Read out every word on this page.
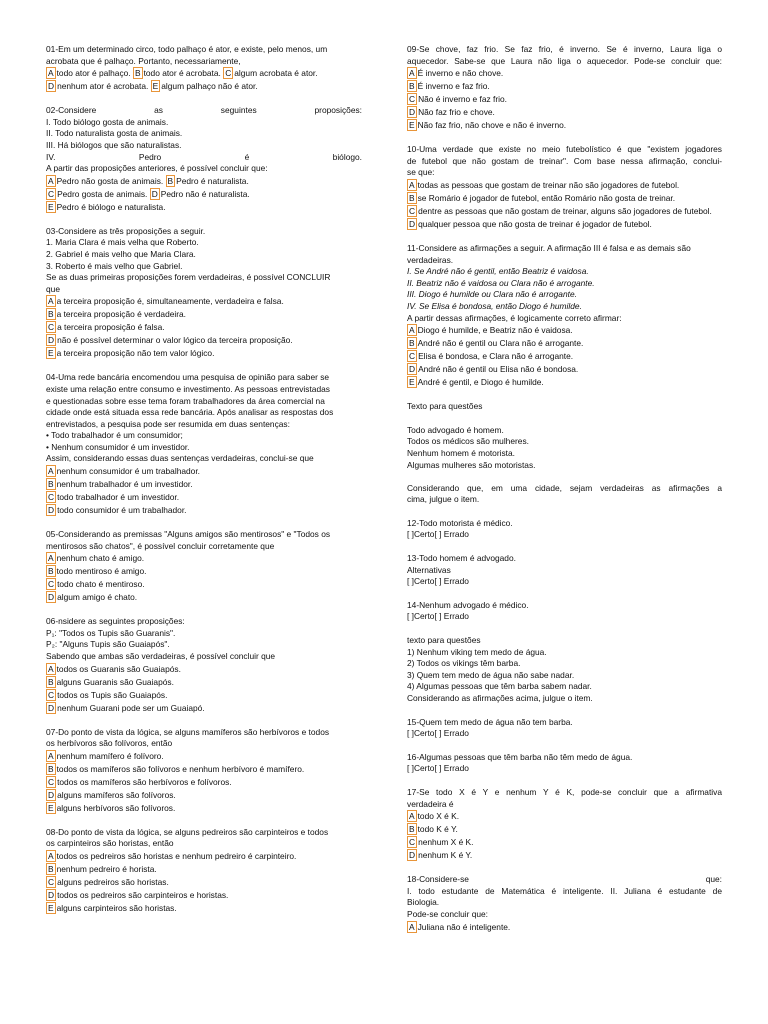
01-Em um determinado circo, todo palhaço é ator, e existe, pelo menos, um
acrobata que é palhaço. Portanto, necessariamente,
A todo ator é palhaço. B todo ator é acrobata. C algum acrobata é ator.
D nenhum ator é acrobata. E algum palhaço não é ator.
02-Considere as seguintes proposições:
I. Todo biólogo gosta de animais.
II. Todo naturalista gosta de animais.
III. Há biólogos que são naturalistas.
IV. Pedro é biólogo.
A partir das proposições anteriores, é possível concluir que:
A Pedro não gosta de animais. B Pedro é naturalista.
C Pedro gosta de animais. D Pedro não é naturalista.
E Pedro é biólogo e naturalista.
03-Considere as três proposições a seguir.
1. Maria Clara é mais velha que Roberto.
2. Gabriel é mais velho que Maria Clara.
3. Roberto é mais velho que Gabriel.
Se as duas primeiras proposições forem verdadeiras, é possível CONCLUIR
que
A a terceira proposição é, simultaneamente, verdadeira e falsa.
B a terceira proposição é verdadeira.
C a terceira proposição é falsa.
D não é possível determinar o valor lógico da terceira proposição.
E a terceira proposição não tem valor lógico.
04-Uma rede bancária encomendou uma pesquisa de opinião para saber se
existe uma relação entre consumo e investimento. As pessoas entrevistadas
e questionadas sobre esse tema foram trabalhadores da área comercial na
cidade onde está situada essa rede bancária. Após analisar as respostas dos
entrevistados, a pesquisa pode ser resumida em duas sentenças:
• Todo trabalhador é um consumidor;
• Nenhum consumidor é um investidor.
Assim, considerando essas duas sentenças verdadeiras, conclui-se que
A nenhum consumidor é um trabalhador.
B nenhum trabalhador é um investidor.
C todo trabalhador é um investidor.
D todo consumidor é um trabalhador.
05-Considerando as premissas "Alguns amigos são mentirosos" e "Todos os
mentirosos são chatos", é possível concluir corretamente que
A nenhum chato é amigo.
B todo mentiroso é amigo.
C todo chato é mentiroso.
D algum amigo é chato.
06-nsidere as seguintes proposições:
P₁: "Todos os Tupis são Guaranis".
P₂: "Alguns Tupis são Guaiapós".
Sabendo que ambas são verdadeiras, é possível concluir que
A todos os Guaranis são Guaiapós.
B alguns Guaranis são Guaiapós.
C todos os Tupis são Guaiapós.
D nenhum Guarani pode ser um Guaiapó.
07-Do ponto de vista da lógica, se alguns mamíferos são herbívoros e todos
os herbívoros são folívoros, então
A nenhum mamífero é folívoro.
B todos os mamíferos são folívoros e nenhum herbívoro é mamífero.
C todos os mamíferos são herbívoros e folívoros.
D alguns mamíferos são folívoros.
E alguns herbívoros são folívoros.
08-Do ponto de vista da lógica, se alguns pedreiros são carpinteiros e todos
os carpinteiros são horistas, então
A todos os pedreiros são horistas e nenhum pedreiro é carpinteiro.
B nenhum pedreiro é horista.
C alguns pedreiros são horistas.
D todos os pedreiros são carpinteiros e horistas.
E alguns carpinteiros são horistas.
09-Se chove, faz frio. Se faz frio, é inverno. Se é inverno, Laura liga o
aquecedor. Sabe-se que Laura não liga o aquecedor. Pode-se concluir que:
A É inverno e não chove.
B É inverno e faz frio.
C Não é inverno e faz frio.
D Não faz frio e chove.
E Não faz frio, não chove e não é inverno.
10-Uma verdade que existe no meio futebolístico é que "existem jogadores
de futebol que não gostam de treinar". Com base nessa afirmação, conclui-
se que:
A todas as pessoas que gostam de treinar não são jogadores de futebol.
B se Romário é jogador de futebol, então Romário não gosta de treinar.
C dentre as pessoas que não gostam de treinar, alguns são jogadores de futebol.
D qualquer pessoa que não gosta de treinar é jogador de futebol.
11-Considere as afirmações a seguir. A afirmação III é falsa e as demais são
verdadeiras.
I. Se André não é gentil, então Beatriz é vaidosa.
II. Beatriz não é vaidosa ou Clara não é arrogante.
III. Diogo é humilde ou Clara não é arrogante.
IV. Se Elisa é bondosa, então Diogo é humilde.
A partir dessas afirmações, é logicamente correto afirmar:
A Diogo é humilde, e Beatriz não é vaidosa.
B André não é gentil ou Clara não é arrogante.
C Elisa é bondosa, e Clara não é arrogante.
D André não é gentil ou Elisa não é bondosa.
E André é gentil, e Diogo é humilde.
Texto para questões
Todo advogado é homem.
Todos os médicos são mulheres.
Nenhum homem é motorista.
Algumas mulheres são motoristas.
Considerando que, em uma cidade, sejam verdadeiras as afirmações a
cima, julgue o item.
12-Todo motorista é médico.
[ ]Certo[ ] Errado
13-Todo homem é advogado.
Alternativas
[ ]Certo[ ] Errado
14-Nenhum advogado é médico.
[ ]Certo[ ] Errado
texto para questões
1) Nenhum viking tem medo de água.
2) Todos os vikings têm barba.
3) Quem tem medo de água não sabe nadar.
4) Algumas pessoas que têm barba sabem nadar.
Considerando as afirmações acima, julgue o item.
15-Quem tem medo de água não tem barba.
[ ]Certo[ ] Errado
16-Algumas pessoas que têm barba não têm medo de água.
[ ]Certo[ ] Errado
17-Se todo X é Y e nenhum Y é K, pode-se concluir que a afirmativa
verdadeira é
A todo X é K.
B todo K é Y.
C nenhum X é K.
D nenhum K é Y.
18-Considere-se que:
I. todo estudante de Matemática é inteligente. II. Juliana é estudante de
Biologia.
Pode-se concluir que:
A Juliana não é inteligente.
